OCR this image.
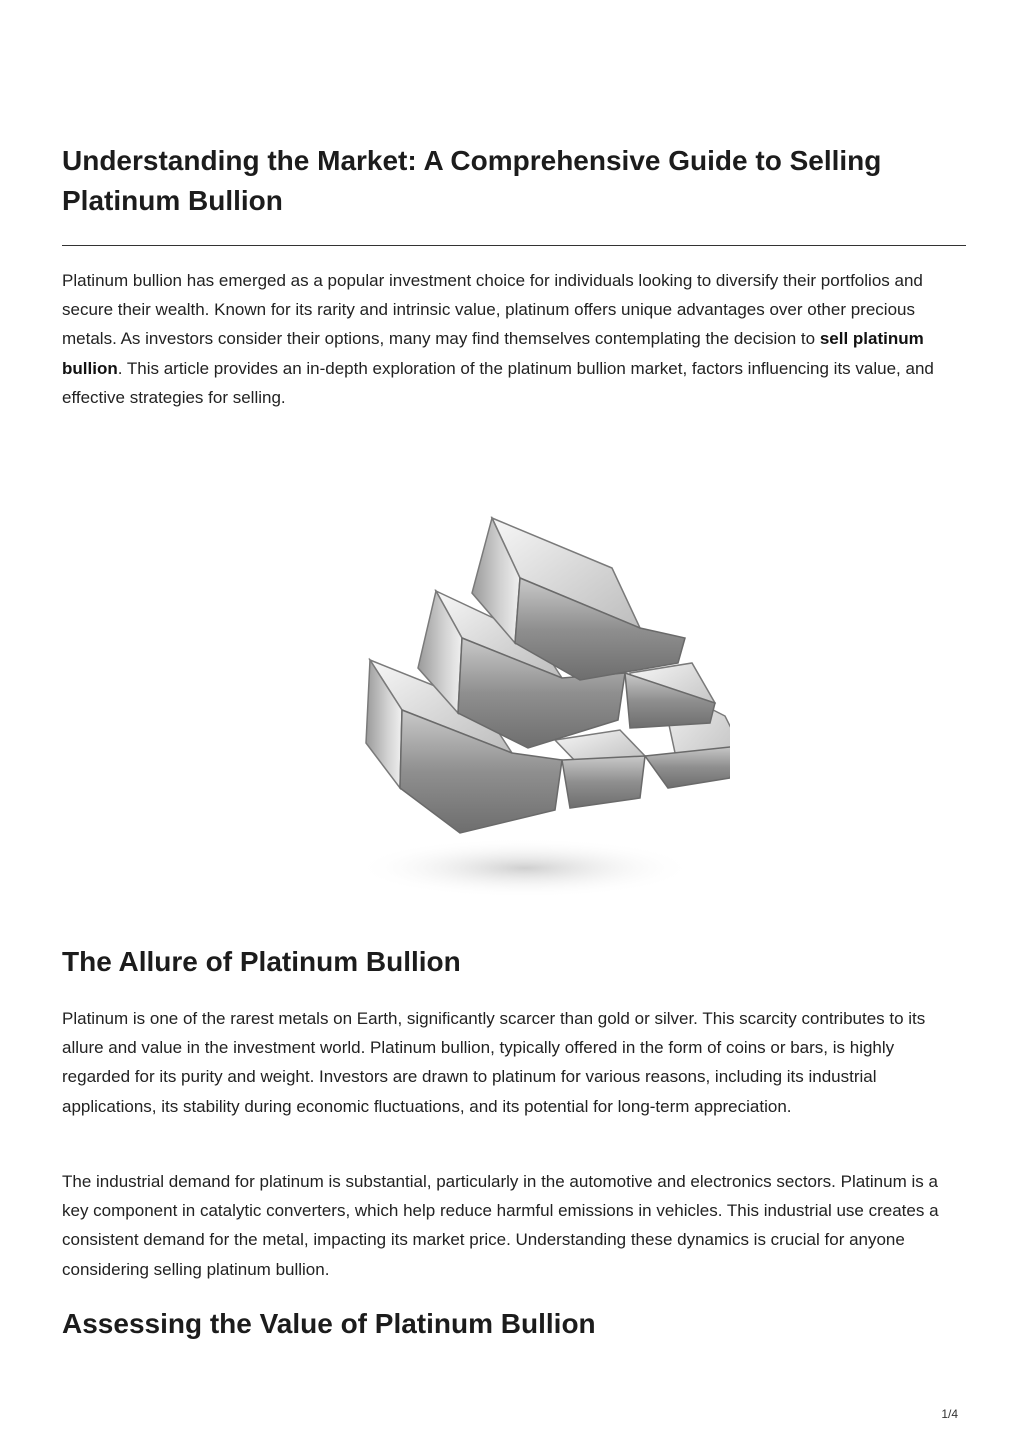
Understanding the Market: A Comprehensive Guide to Selling Platinum Bullion

Platinum bullion has emerged as a popular investment choice for individuals looking to diversify their portfolios and secure their wealth. Known for its rarity and intrinsic value, platinum offers unique advantages over other precious metals. As investors consider their options, many may find themselves contemplating the decision to sell platinum bullion. This article provides an in-depth exploration of the platinum bullion market, factors influencing its value, and effective strategies for selling.

The Allure of Platinum Bullion

Platinum is one of the rarest metals on Earth, significantly scarcer than gold or silver. This scarcity contributes to its allure and value in the investment world. Platinum bullion, typically offered in the form of coins or bars, is highly regarded for its purity and weight. Investors are drawn to platinum for various reasons, including its industrial applications, its stability during economic fluctuations, and its potential for long-term appreciation.

The industrial demand for platinum is substantial, particularly in the automotive and electronics sectors. Platinum is a key component in catalytic converters, which help reduce harmful emissions in vehicles. This industrial use creates a consistent demand for the metal, impacting its market price. Understanding these dynamics is crucial for anyone considering selling platinum bullion.

Assessing the Value of Platinum Bullion
1/4
